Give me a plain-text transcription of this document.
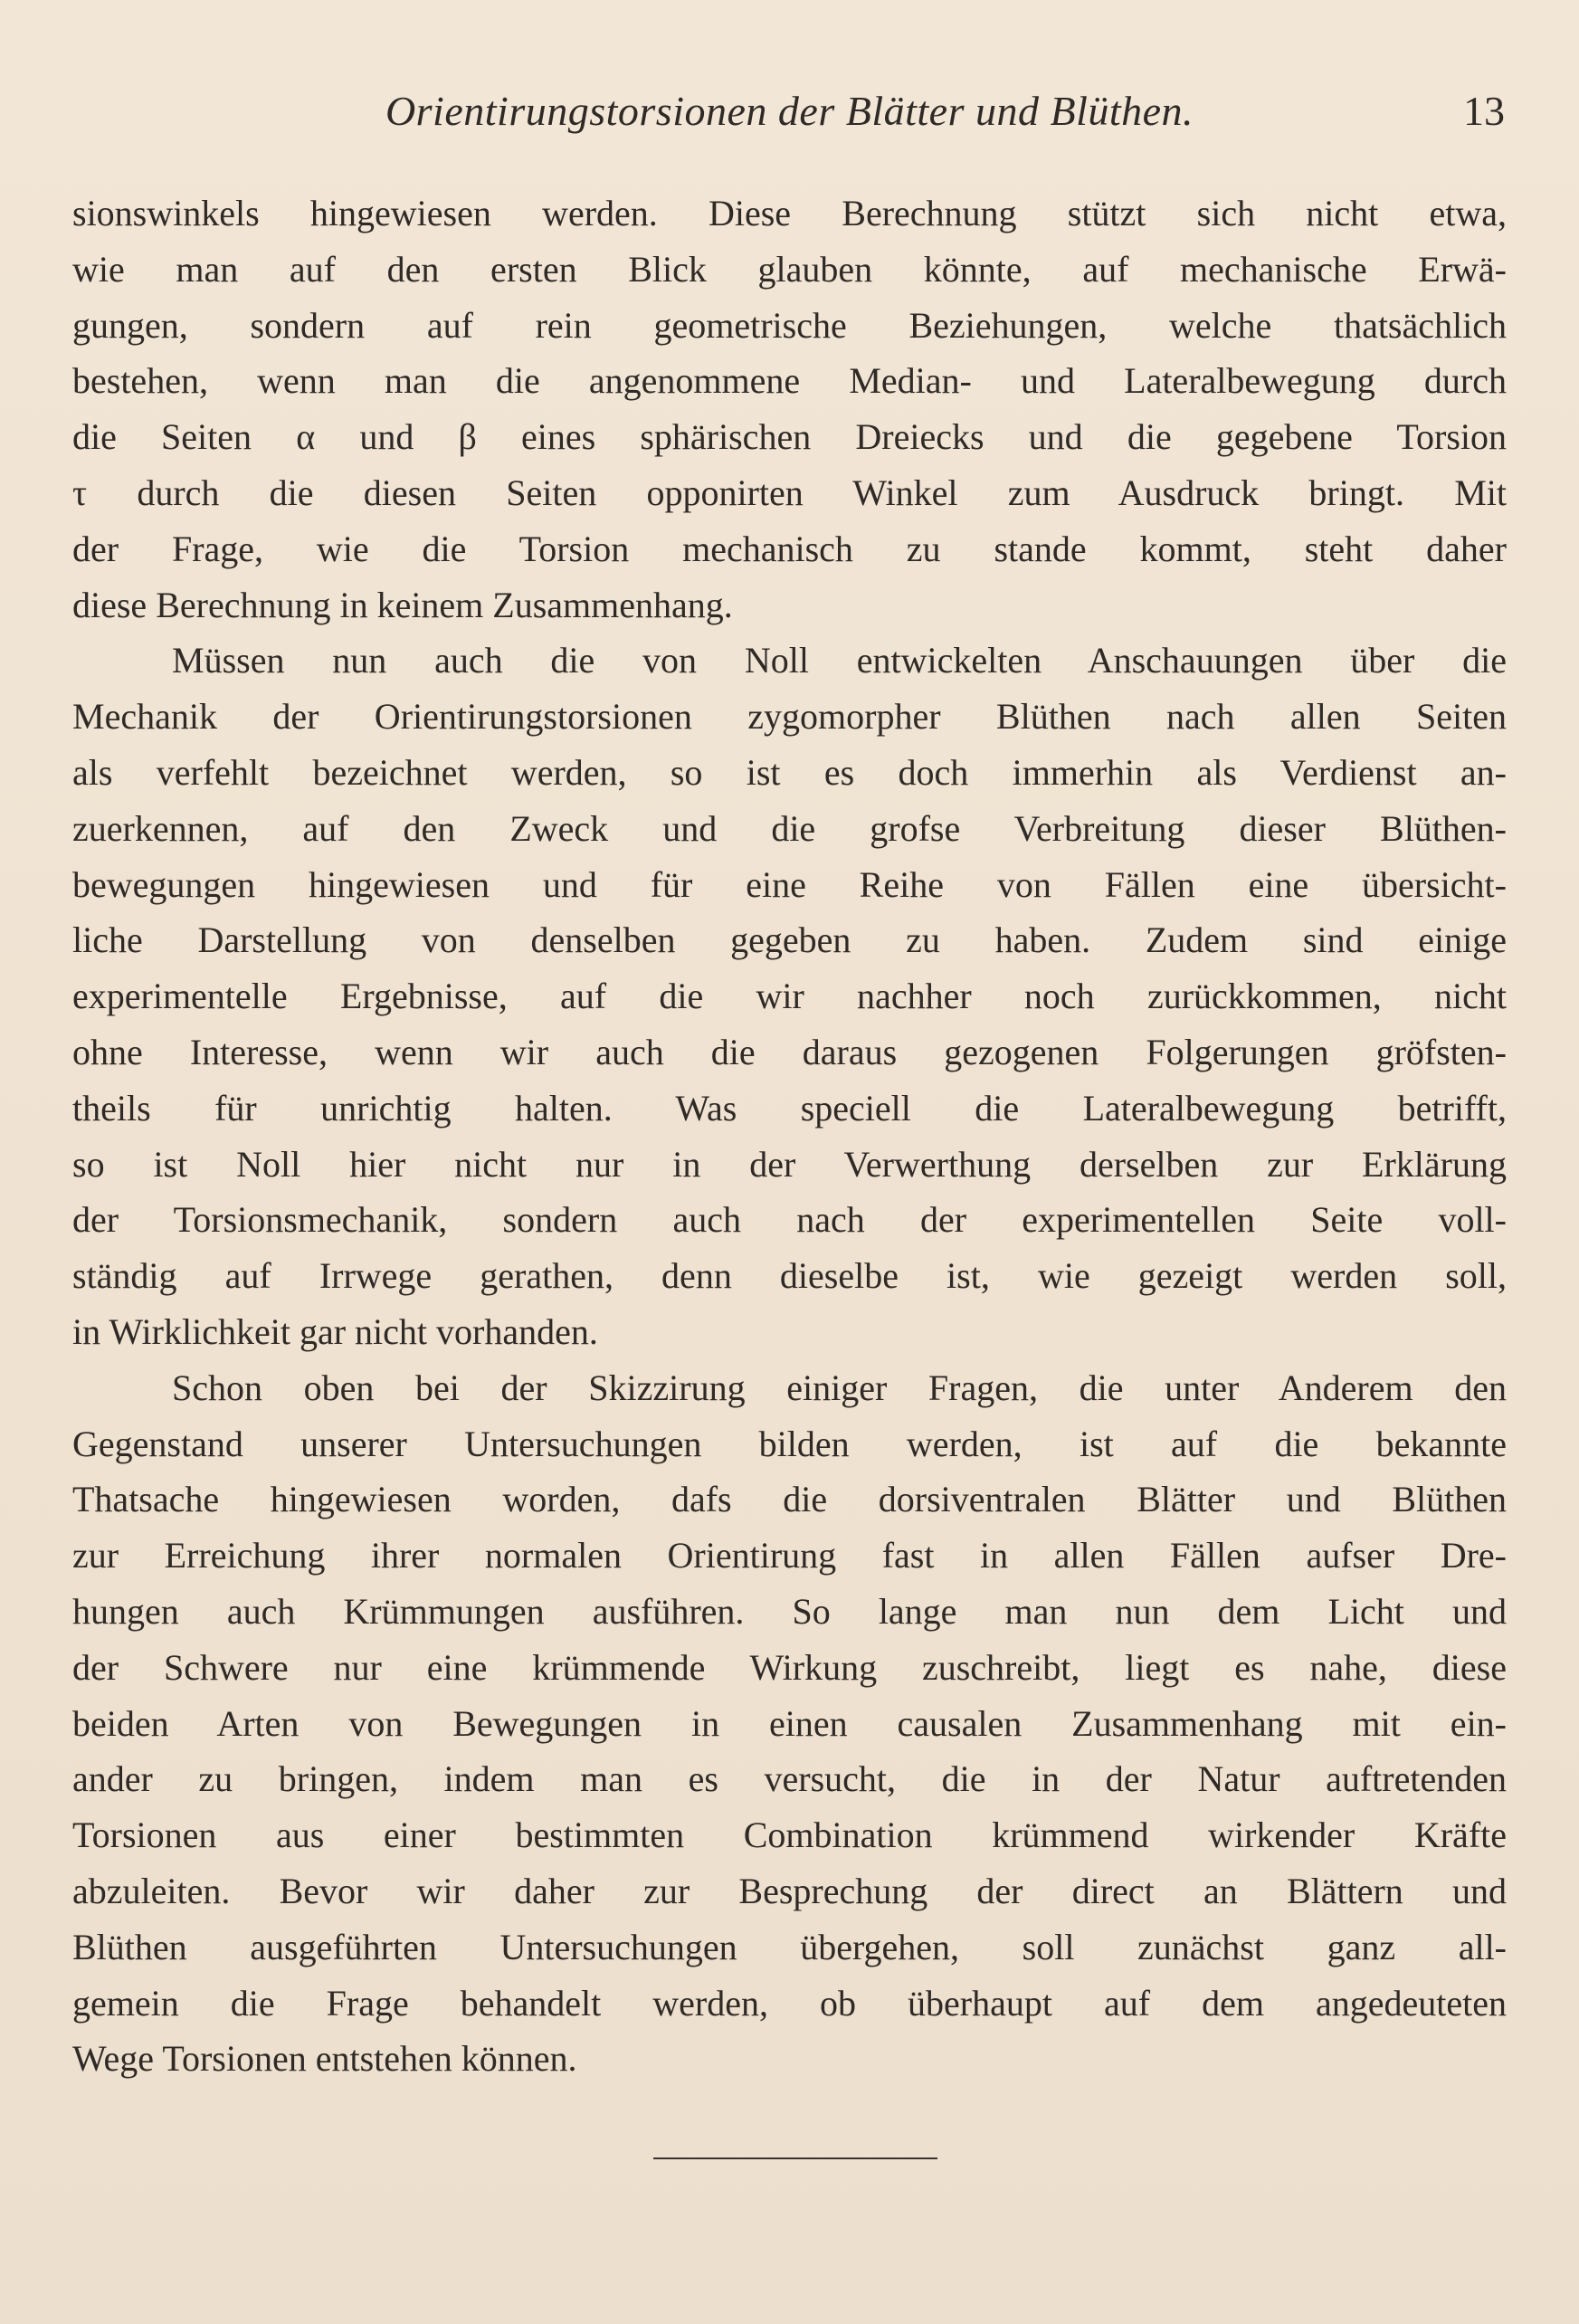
Orientirungstorsionen der Blätter und Blüthen.	13

sionswinkels hingewiesen werden. Diese Berechnung stützt sich nicht etwa,
wie man auf den ersten Blick glauben könnte, auf mechanische Erwä-
gungen, sondern auf rein geometrische Beziehungen, welche thatsächlich
bestehen, wenn man die angenommene Median- und Lateralbewegung durch
die Seiten α und β eines sphärischen Dreiecks und die gegebene Torsion
τ durch die diesen Seiten opponirten Winkel zum Ausdruck bringt. Mit
der Frage, wie die Torsion mechanisch zu stande kommt, steht daher
diese Berechnung in keinem Zusammenhang.

Müssen nun auch die von Noll entwickelten Anschauungen über die
Mechanik der Orientirungstorsionen zygomorpher Blüthen nach allen Seiten
als verfehlt bezeichnet werden, so ist es doch immerhin als Verdienst an-
zuerkennen, auf den Zweck und die grofse Verbreitung dieser Blüthen-
bewegungen hingewiesen und für eine Reihe von Fällen eine übersicht-
liche Darstellung von denselben gegeben zu haben. Zudem sind einige
experimentelle Ergebnisse, auf die wir nachher noch zurückkommen, nicht
ohne Interesse, wenn wir auch die daraus gezogenen Folgerungen gröfsten-
theils für unrichtig halten. Was speciell die Lateralbewegung betrifft,
so ist Noll hier nicht nur in der Verwerthung derselben zur Erklärung
der Torsionsmechanik, sondern auch nach der experimentellen Seite voll-
ständig auf Irrwege gerathen, denn dieselbe ist, wie gezeigt werden soll,
in Wirklichkeit gar nicht vorhanden.

Schon oben bei der Skizzirung einiger Fragen, die unter Anderem den
Gegenstand unserer Untersuchungen bilden werden, ist auf die bekannte
Thatsache hingewiesen worden, dafs die dorsiventralen Blätter und Blüthen
zur Erreichung ihrer normalen Orientirung fast in allen Fällen aufser Dre-
hungen auch Krümmungen ausführen. So lange man nun dem Licht und
der Schwere nur eine krümmende Wirkung zuschreibt, liegt es nahe, diese
beiden Arten von Bewegungen in einen causalen Zusammenhang mit ein-
ander zu bringen, indem man es versucht, die in der Natur auftretenden
Torsionen aus einer bestimmten Combination krümmend wirkender Kräfte
abzuleiten. Bevor wir daher zur Besprechung der direct an Blättern und
Blüthen ausgeführten Untersuchungen übergehen, soll zunächst ganz all-
gemein die Frage behandelt werden, ob überhaupt auf dem angedeuteten
Wege Torsionen entstehen können.
